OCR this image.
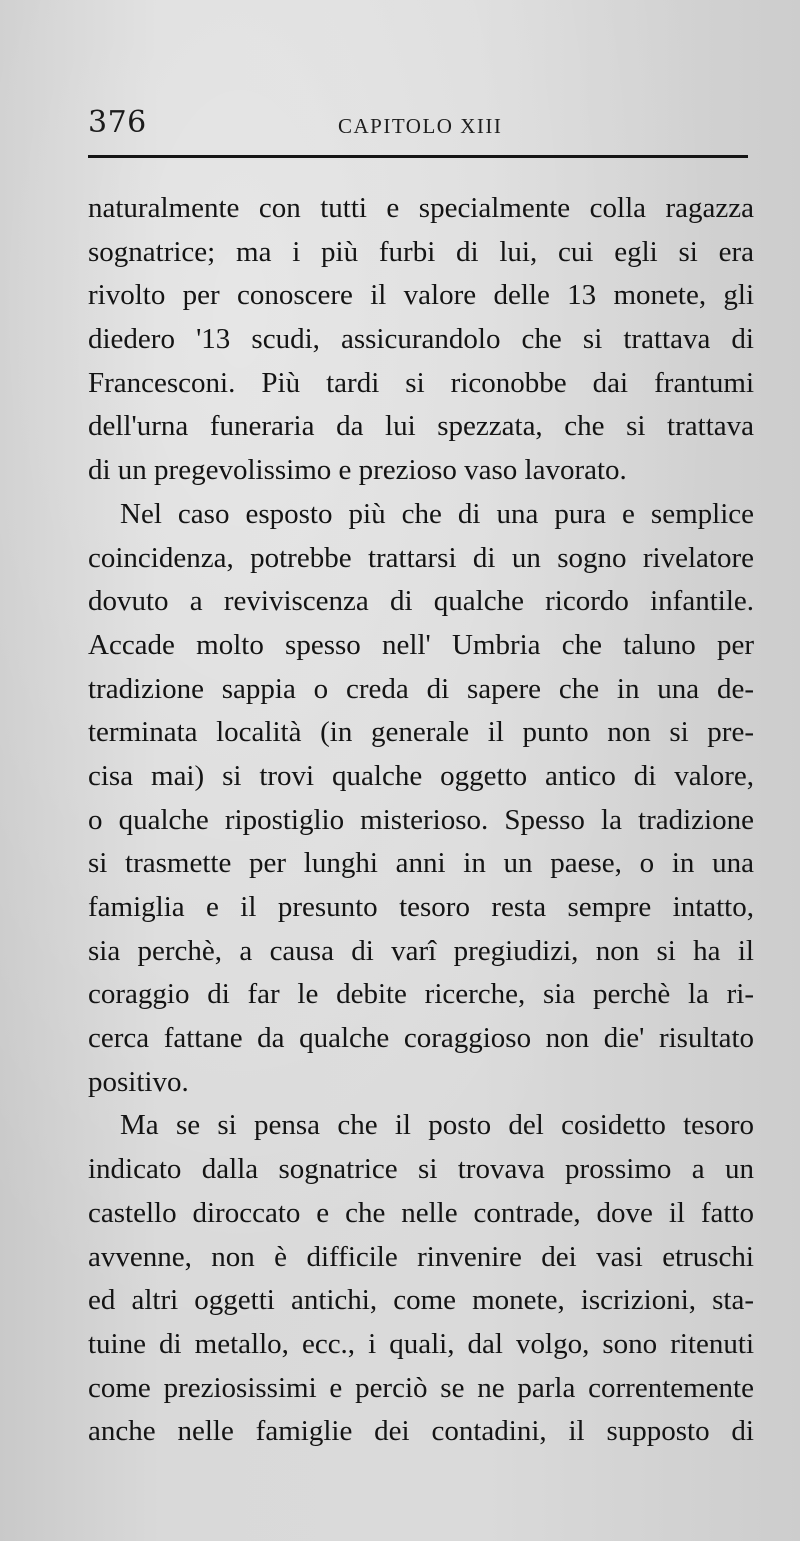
376	CAPITOLO XIII
naturalmente con tutti e specialmente colla ragazza
sognatrice; ma i più furbi di lui, cui egli si era
rivolto per conoscere il valore delle 13 monete, gli
diedero '13 scudi, assicurandolo che si trattava di
Francesconi. Più tardi si riconobbe dai frantumi
dell'urna funeraria da lui spezzata, che si trattava
di un pregevolissimo e prezioso vaso lavorato.
Nel caso esposto più che di una pura e semplice
coincidenza, potrebbe trattarsi di un sogno rivelatore
dovuto a reviviscenza di qualche ricordo infantile.
Accade molto spesso nell' Umbria che taluno per
tradizione sappia o creda di sapere che in una de-
terminata località (in generale il punto non si pre-
cisa mai) si trovi qualche oggetto antico di valore,
o qualche ripostiglio misterioso. Spesso la tradizione
si trasmette per lunghi anni in un paese, o in una
famiglia e il presunto tesoro resta sempre intatto,
sia perchè, a causa di varî pregiudizi, non si ha il
coraggio di far le debite ricerche, sia perchè la ri-
cerca fattane da qualche coraggioso non die' risultato
positivo.
Ma se si pensa che il posto del cosidetto tesoro
indicato dalla sognatrice si trovava prossimo a un
castello diroccato e che nelle contrade, dove il fatto
avvenne, non è difficile rinvenire dei vasi etruschi
ed altri oggetti antichi, come monete, iscrizioni, sta-
tuine di metallo, ecc., i quali, dal volgo, sono ritenuti
come preziosissimi e perciò se ne parla correntemente
anche nelle famiglie dei contadini, il supposto di
